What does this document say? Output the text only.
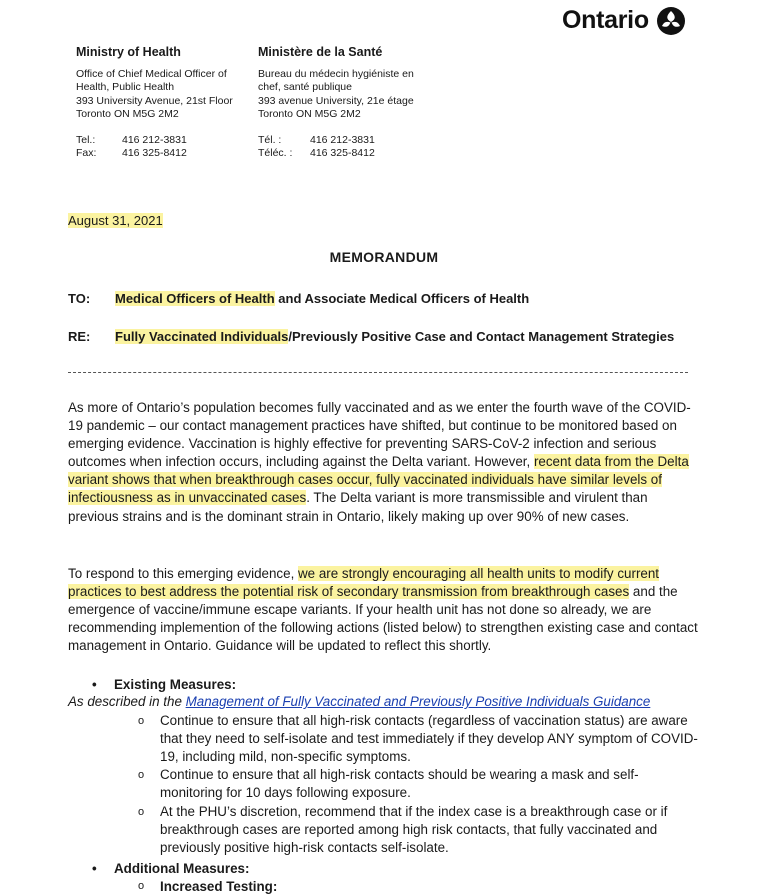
Ontario
Ministry of Health
Office of Chief Medical Officer of
Health, Public Health
393 University Avenue, 21st Floor
Toronto ON M5G 2M2
Tel.:	416 212-3831
Fax:	416 325-8412
Ministère de la Santé
Bureau du médecin hygiéniste en
chef, santé publique
393 avenue University, 21e étage
Toronto ON M5G 2M2
Tél. :	416 212-3831
Téléc. :	416 325-8412
August 31, 2021
MEMORANDUM
TO:	Medical Officers of Health and Associate Medical Officers of Health
RE:	Fully Vaccinated Individuals/Previously Positive Case and Contact Management Strategies

As more of Ontario’s population becomes fully vaccinated and as we enter the fourth wave of the COVID-19 pandemic – our contact management practices have shifted, but continue to be monitored based on emerging evidence. Vaccination is highly effective for preventing SARS-CoV-2 infection and serious outcomes when infection occurs, including against the Delta variant. However, recent data from the Delta variant shows that when breakthrough cases occur, fully vaccinated individuals have similar levels of infectiousness as in unvaccinated cases. The Delta variant is more transmissible and virulent than previous strains and is the dominant strain in Ontario, likely making up over 90% of new cases.

To respond to this emerging evidence, we are strongly encouraging all health units to modify current practices to best address the potential risk of secondary transmission from breakthrough cases and the emergence of vaccine/immune escape variants. If your health unit has not done so already, we are recommending implemention of the following actions (listed below) to strengthen existing case and contact management in Ontario. Guidance will be updated to reflect this shortly.

•	Existing Measures:
As described in the Management of Fully Vaccinated and Previously Positive Individuals Guidance
o	Continue to ensure that all high-risk contacts (regardless of vaccination status) are aware that they need to self-isolate and test immediately if they develop ANY symptom of COVID-19, including mild, non-specific symptoms.
o	Continue to ensure that all high-risk contacts should be wearing a mask and self-monitoring for 10 days following exposure.
o	At the PHU’s discretion, recommend that if the index case is a breakthrough case or if breakthrough cases are reported among high risk contacts, that fully vaccinated and previously positive high-risk contacts self-isolate.
•	Additional Measures:
o	Increased Testing:
